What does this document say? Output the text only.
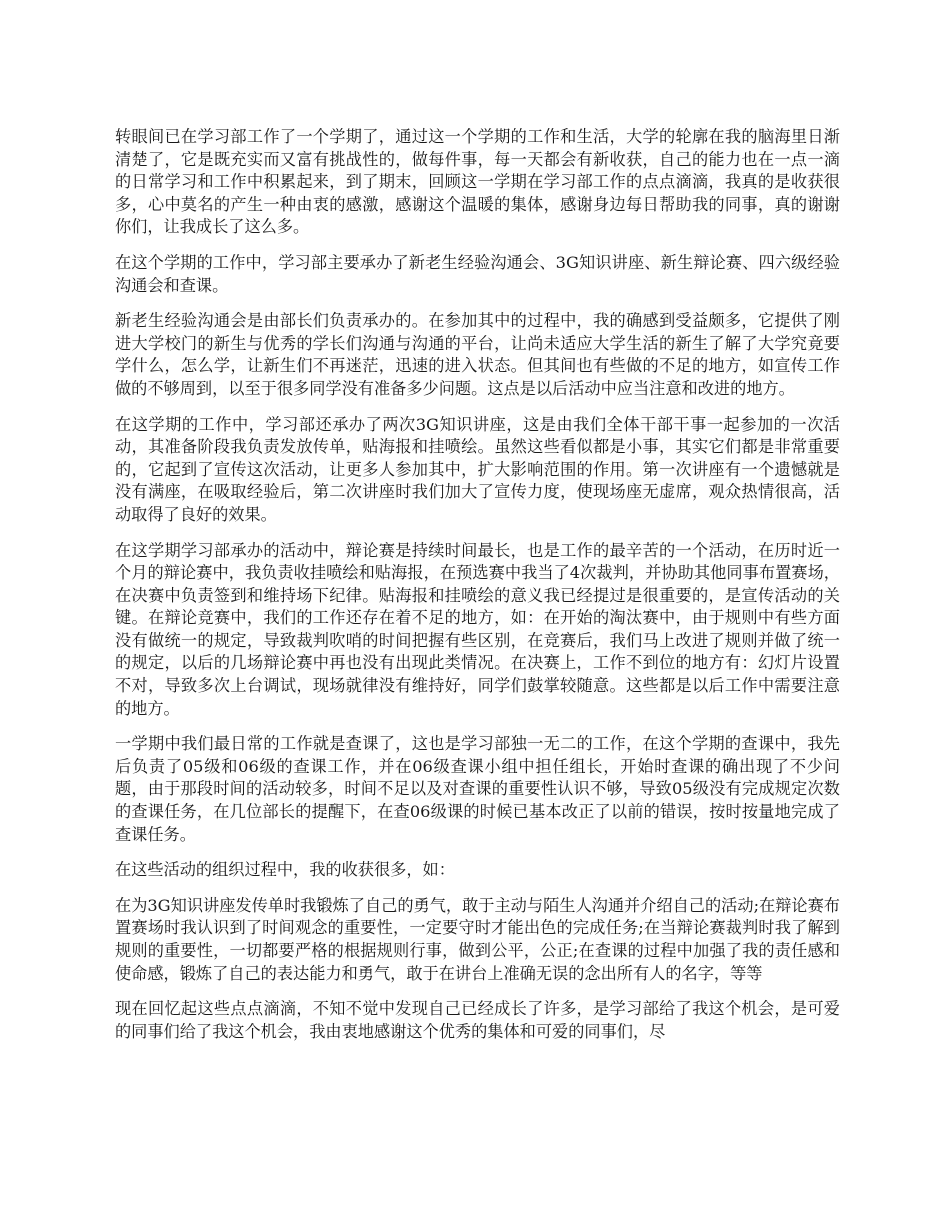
转眼间已在学习部工作了一个学期了，通过这一个学期的工作和生活，大学的轮廓在我的脑海里日渐清楚了，它是既充实而又富有挑战性的，做每件事，每一天都会有新收获，自己的能力也在一点一滴的日常学习和工作中积累起来，到了期末，回顾这一学期在学习部工作的点点滴滴，我真的是收获很多，心中莫名的产生一种由衷的感激，感谢这个温暖的集体，感谢身边每日帮助我的同事，真的谢谢你们，让我成长了这么多。

在这个学期的工作中，学习部主要承办了新老生经验沟通会、3G知识讲座、新生辩论赛、四六级经验沟通会和查课。

新老生经验沟通会是由部长们负责承办的。在参加其中的过程中，我的确感到受益颇多，它提供了刚进大学校门的新生与优秀的学长们沟通与沟通的平台，让尚未适应大学生活的新生了解了大学究竟要学什么，怎么学，让新生们不再迷茫，迅速的进入状态。但其间也有些做的不足的地方，如宣传工作做的不够周到，以至于很多同学没有准备多少问题。这点是以后活动中应当注意和改进的地方。

在这学期的工作中，学习部还承办了两次3G知识讲座，这是由我们全体干部干事一起参加的一次活动，其准备阶段我负责发放传单，贴海报和挂喷绘。虽然这些看似都是小事，其实它们都是非常重要的，它起到了宣传这次活动，让更多人参加其中，扩大影响范围的作用。第一次讲座有一个遗憾就是没有满座，在吸取经验后，第二次讲座时我们加大了宣传力度，使现场座无虚席，观众热情很高，活动取得了良好的效果。

在这学期学习部承办的活动中，辩论赛是持续时间最长，也是工作的最辛苦的一个活动，在历时近一个月的辩论赛中，我负责收挂喷绘和贴海报，在预选赛中我当了4次裁判，并协助其他同事布置赛场，在决赛中负责签到和维持场下纪律。贴海报和挂喷绘的意义我已经提过是很重要的，是宣传活动的关键。在辩论竞赛中，我们的工作还存在着不足的地方，如：在开始的淘汰赛中，由于规则中有些方面没有做统一的规定，导致裁判吹哨的时间把握有些区别，在竞赛后，我们马上改进了规则并做了统一的规定，以后的几场辩论赛中再也没有出现此类情况。在决赛上，工作不到位的地方有：幻灯片设置不对，导致多次上台调试，现场就律没有维持好，同学们鼓掌较随意。这些都是以后工作中需要注意的地方。

一学期中我们最日常的工作就是查课了，这也是学习部独一无二的工作，在这个学期的查课中，我先后负责了05级和06级的查课工作，并在06级查课小组中担任组长，开始时查课的确出现了不少问题，由于那段时间的活动较多，时间不足以及对查课的重要性认识不够，导致05级没有完成规定次数的查课任务，在几位部长的提醒下，在查06级课的时候已基本改正了以前的错误，按时按量地完成了查课任务。

在这些活动的组织过程中，我的收获很多，如：

在为3G知识讲座发传单时我锻炼了自己的勇气，敢于主动与陌生人沟通并介绍自己的活动;在辩论赛布置赛场时我认识到了时间观念的重要性，一定要守时才能出色的完成任务;在当辩论赛裁判时我了解到规则的重要性，一切都要严格的根据规则行事，做到公平，公正;在查课的过程中加强了我的责任感和使命感，锻炼了自己的表达能力和勇气，敢于在讲台上准确无误的念出所有人的名字，等等

现在回忆起这些点点滴滴，不知不觉中发现自己已经成长了许多，是学习部给了我这个机会，是可爱的同事们给了我这个机会，我由衷地感谢这个优秀的集体和可爱的同事们，尽
